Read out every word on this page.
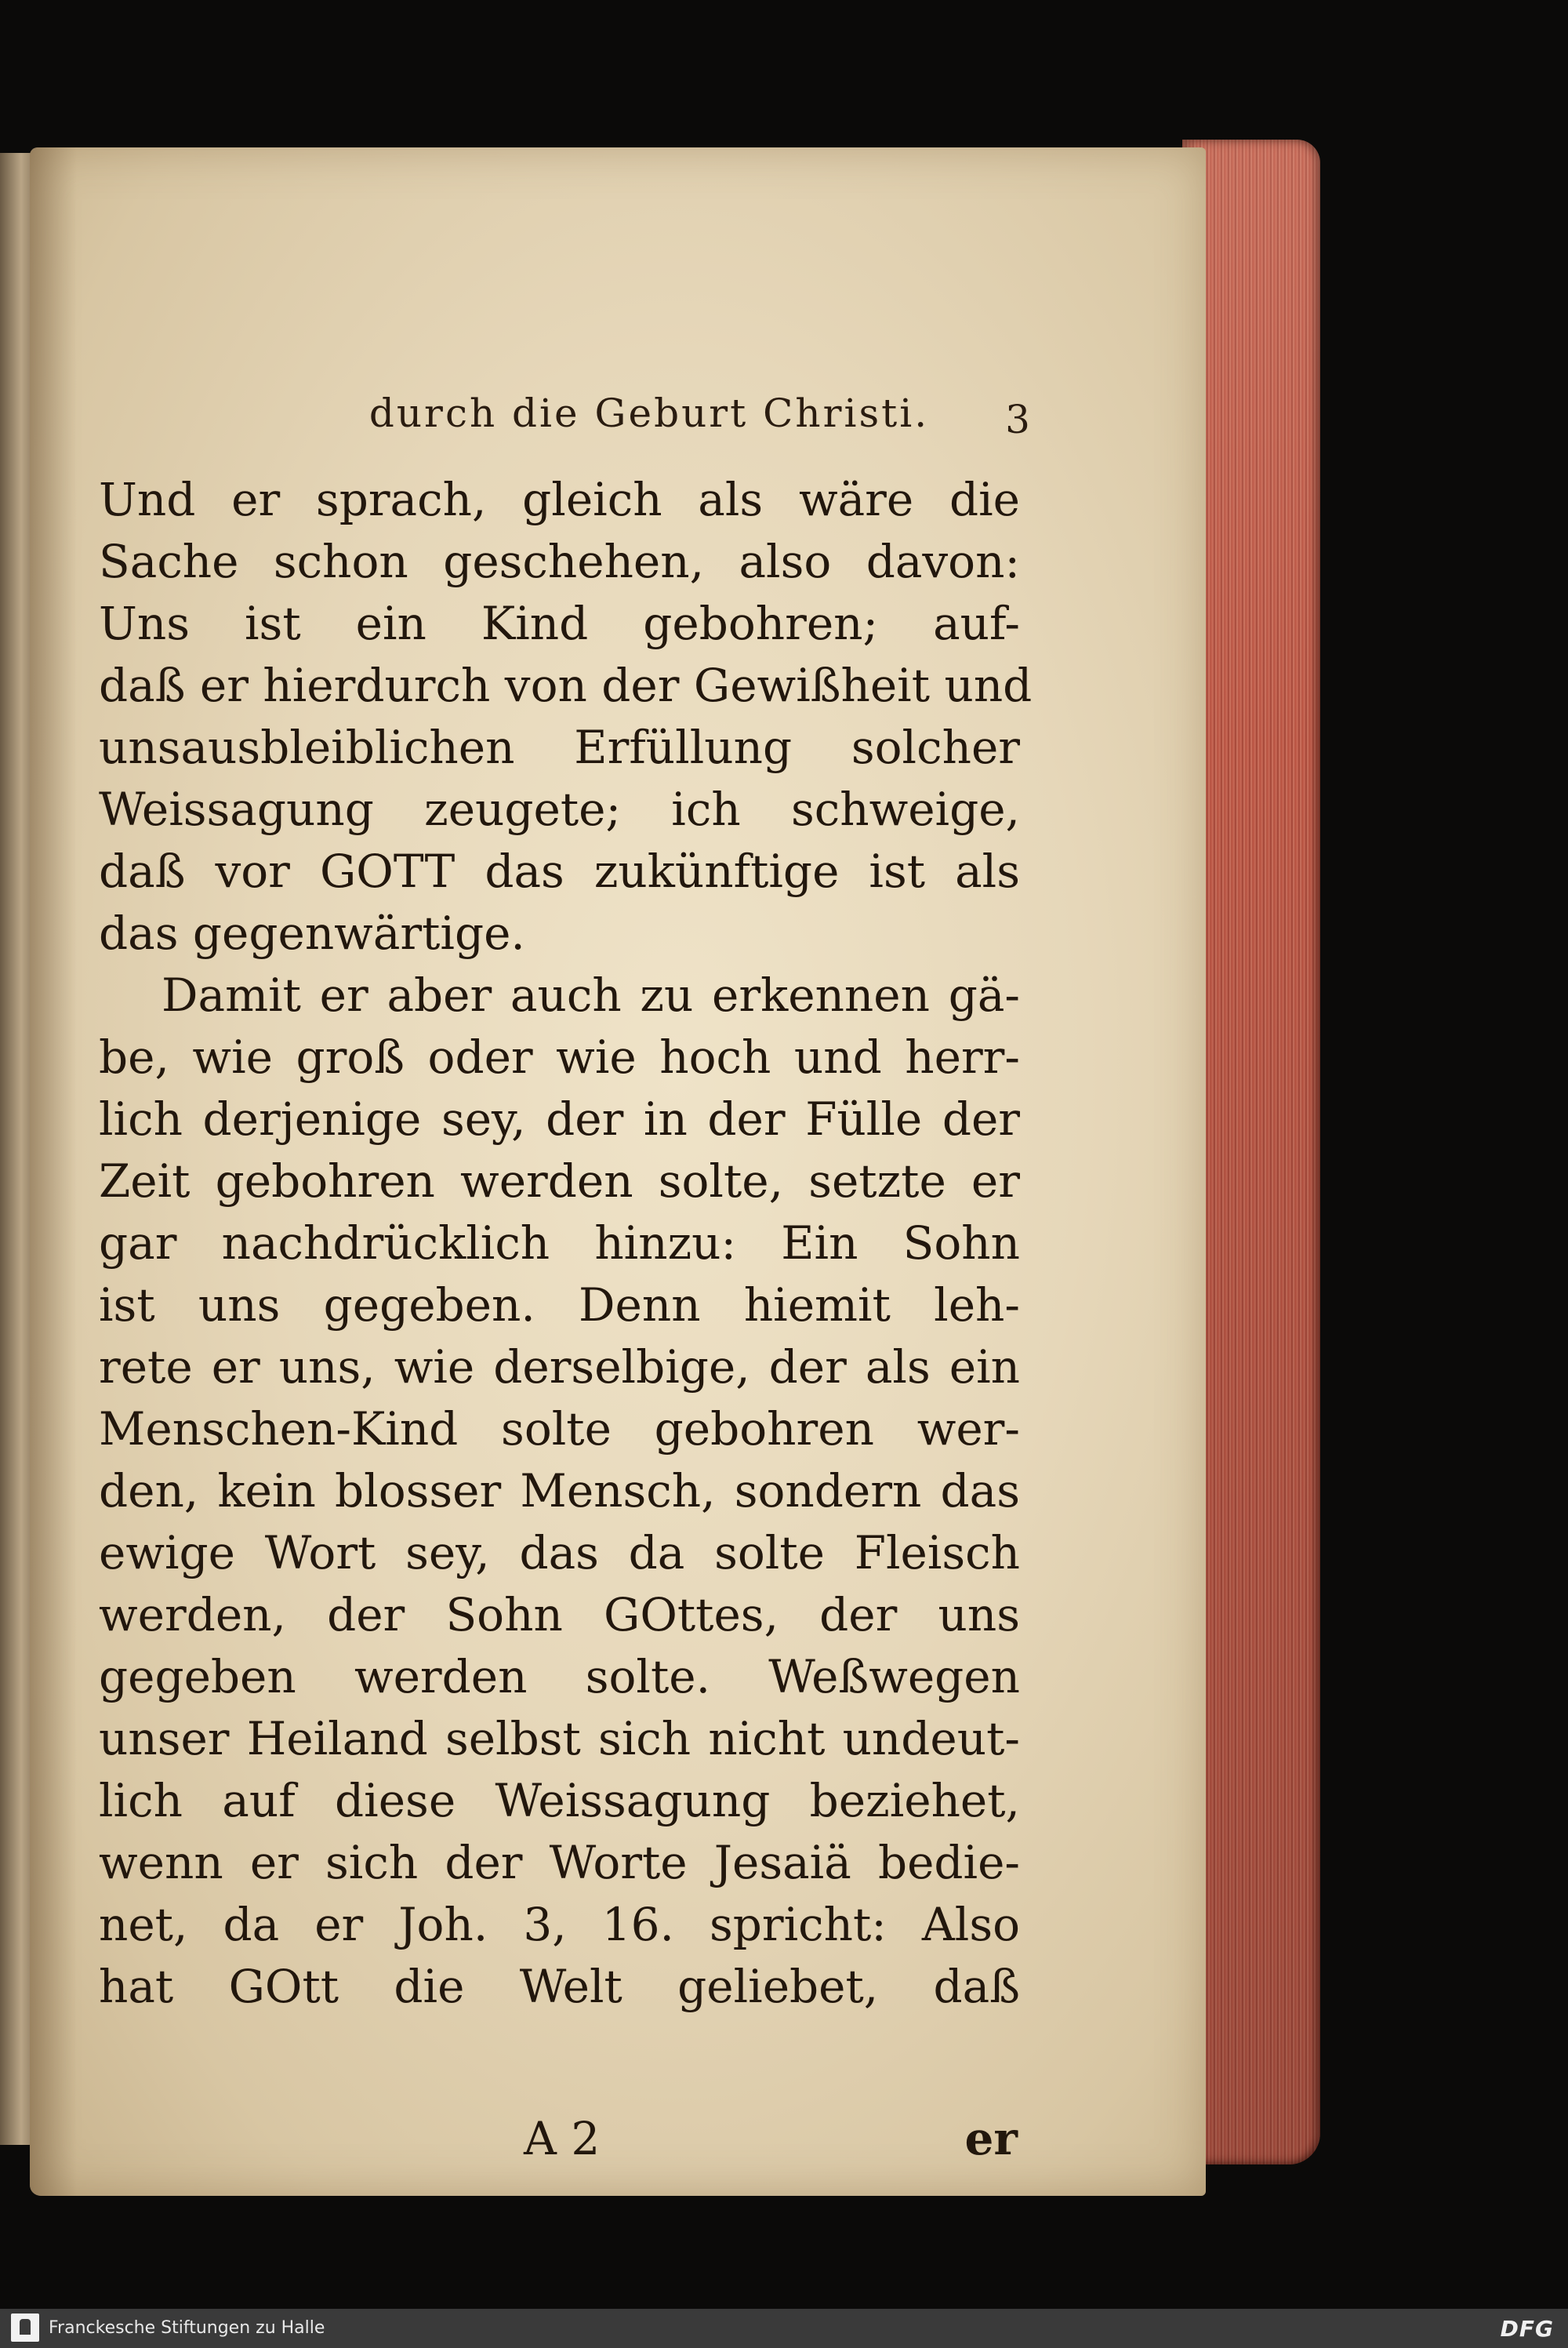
durch die Geburt Christi.	3
Und er sprach, gleich als wäre die
Sache schon geschehen, also davon:
Uns ist ein Kind gebohren; auf-
daß er hierdurch von der Gewißheit und
unsausbleiblichen Erfüllung solcher
Weissagung zeugete; ich schweige,
daß vor GOTT das zukünftige ist als
das gegenwärtige.
Damit er aber auch zu erkennen gä-
be, wie groß oder wie hoch und herr-
lich derjenige sey, der in der Fülle der
Zeit gebohren werden solte, setzte er
gar nachdrücklich hinzu: Ein Sohn
ist uns gegeben. Denn hiemit leh-
rete er uns, wie derselbige, der als ein
Menschen-Kind solte gebohren wer-
den, kein blosser Mensch, sondern das
ewige Wort sey, das da solte Fleisch
werden, der Sohn GOttes, der uns
gegeben werden solte. Weßwegen
unser Heiland selbst sich nicht undeut-
lich auf diese Weissagung beziehet,
wenn er sich der Worte Jesaiä bedie-
net, da er Joh. 3, 16. spricht: Also
hat GOtt die Welt geliebet, daß
A 2	er
Franckesche Stiftungen zu Halle	DFG
